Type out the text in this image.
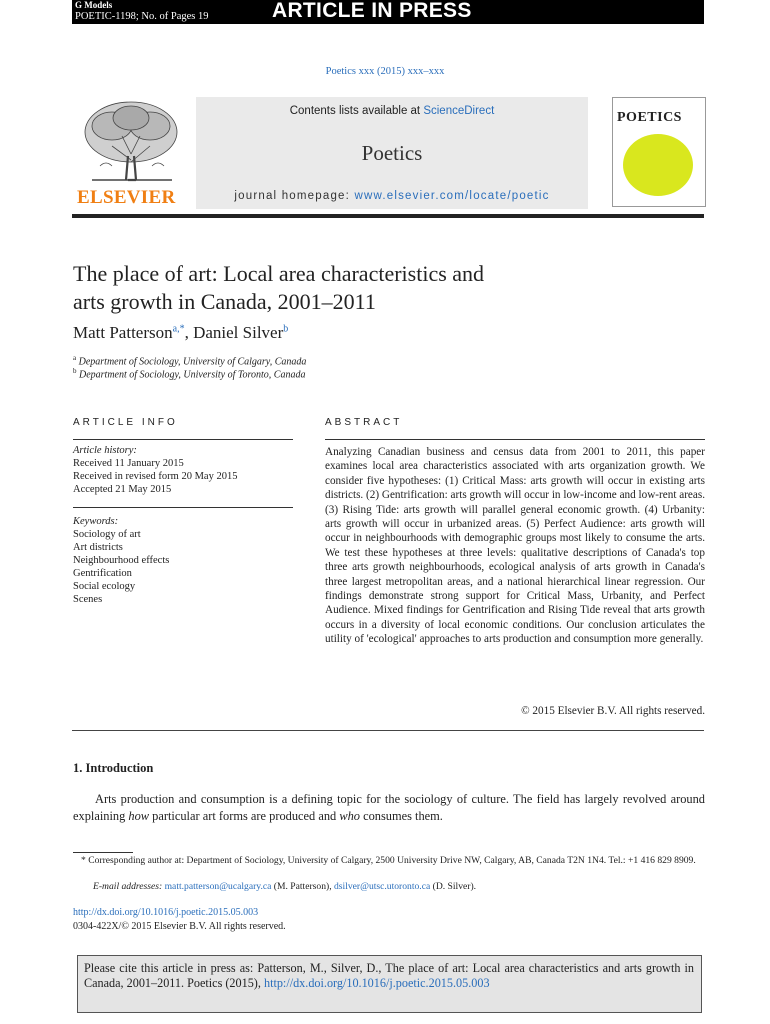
G Models
POETIC-1198; No. of Pages 19	ARTICLE IN PRESS
Poetics xxx (2015) xxx–xxx
ELSEVIER
Contents lists available at ScienceDirect
Poetics
journal homepage: www.elsevier.com/locate/poetic
POETICS
The place of art: Local area characteristics and
arts growth in Canada, 2001–2011
Matt Patterson$^{a,*}$, Daniel Silver$^b$
$^a$ Department of Sociology, University of Calgary, Canada
$^b$ Department of Sociology, University of Toronto, Canada
ARTICLE INFO
Article history:
Received 11 January 2015
Received in revised form 20 May 2015
Accepted 21 May 2015
Keywords:
Sociology of art
Art districts
Neighbourhood effects
Gentrification
Social ecology
Scenes
ABSTRACT
Analyzing Canadian business and census data from 2001 to 2011, this paper examines local area characteristics associated with arts organization growth. We consider five hypotheses: (1) Critical Mass: arts growth will occur in existing arts districts. (2) Gentrification: arts growth will occur in low-income and low-rent areas. (3) Rising Tide: arts growth will parallel general economic growth. (4) Urbanity: arts growth will occur in urbanized areas. (5) Perfect Audience: arts growth will occur in neighbourhoods with demographic groups most likely to consume the arts. We test these hypotheses at three levels: qualitative descriptions of Canada's top three arts growth neighbourhoods, ecological analysis of arts growth in Canada's three largest metropolitan areas, and a national hierarchical linear regression. Our findings demonstrate strong support for Critical Mass, Urbanity, and Perfect Audience. Mixed findings for Gentrification and Rising Tide reveal that arts growth occurs in a diversity of local economic conditions. Our conclusion articulates the utility of 'ecological' approaches to arts production and consumption more generally.
© 2015 Elsevier B.V. All rights reserved.
1. Introduction
Arts production and consumption is a defining topic for the sociology of culture. The field has largely revolved around explaining how particular art forms are produced and who consumes them.
* Corresponding author at: Department of Sociology, University of Calgary, 2500 University Drive NW, Calgary, AB, Canada T2N 1N4. Tel.: +1 416 829 8909.
E-mail addresses: matt.patterson@ucalgary.ca (M. Patterson), dsilver@utsc.utoronto.ca (D. Silver).
http://dx.doi.org/10.1016/j.poetic.2015.05.003
0304-422X/© 2015 Elsevier B.V. All rights reserved.
Please cite this article in press as: Patterson, M., Silver, D., The place of art: Local area characteristics and arts growth in Canada, 2001–2011. Poetics (2015), http://dx.doi.org/10.1016/j.poetic.2015.05.003
